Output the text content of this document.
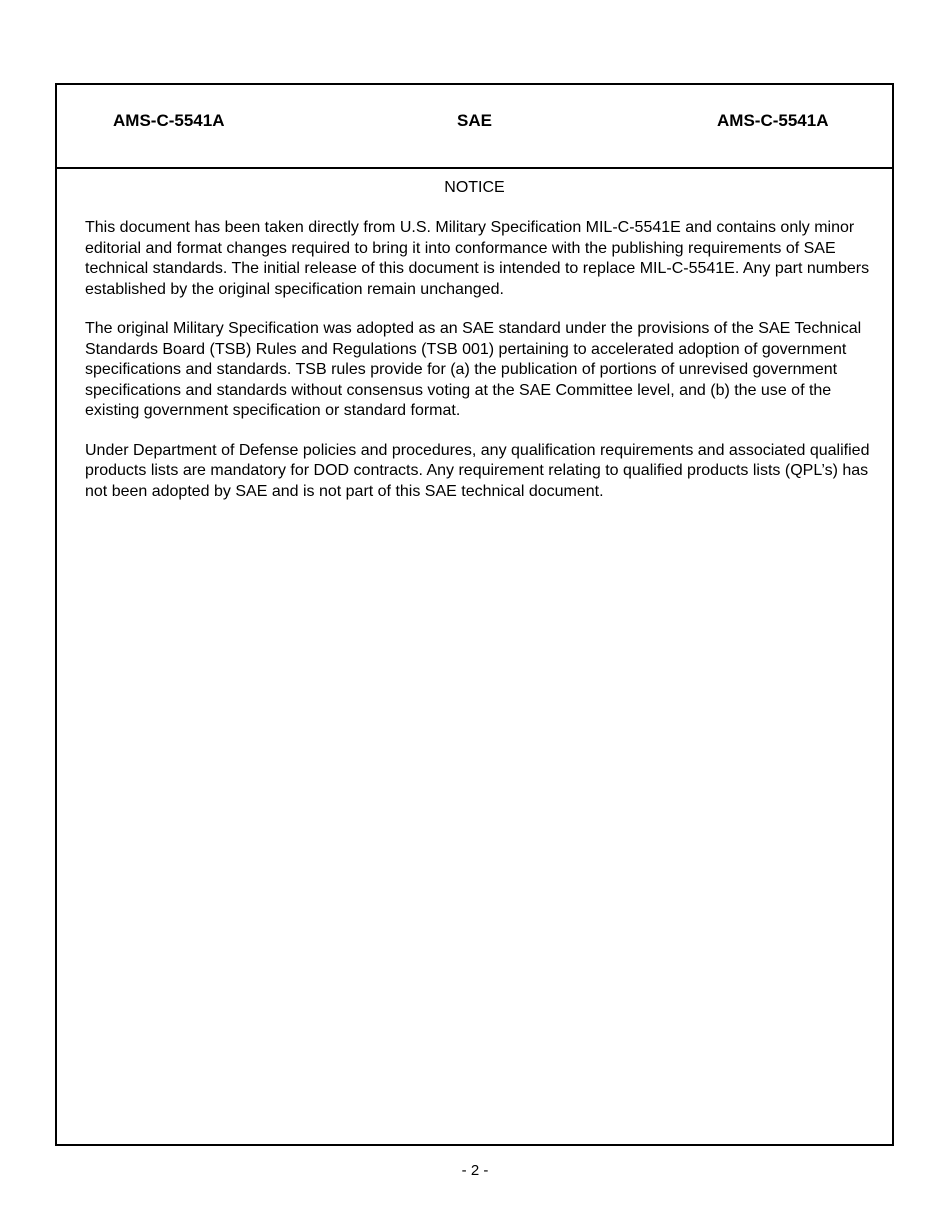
AMS-C-5541A	SAE	AMS-C-5541A
NOTICE

This document has been taken directly from U.S. Military Specification MIL-C-5541E and contains only minor editorial and format changes required to bring it into conformance with the publishing requirements of SAE technical standards. The initial release of this document is intended to replace MIL-C-5541E. Any part numbers established by the original specification remain unchanged.

The original Military Specification was adopted as an SAE standard under the provisions of the SAE Technical Standards Board (TSB) Rules and Regulations (TSB 001) pertaining to accelerated adoption of government specifications and standards. TSB rules provide for (a) the publication of portions of unrevised government specifications and standards without consensus voting at the SAE Committee level, and (b) the use of the existing government specification or standard format.

Under Department of Defense policies and procedures, any qualification requirements and associated qualified products lists are mandatory for DOD contracts. Any requirement relating to qualified products lists (QPL’s) has not been adopted by SAE and is not part of this SAE technical document.

- 2 -
